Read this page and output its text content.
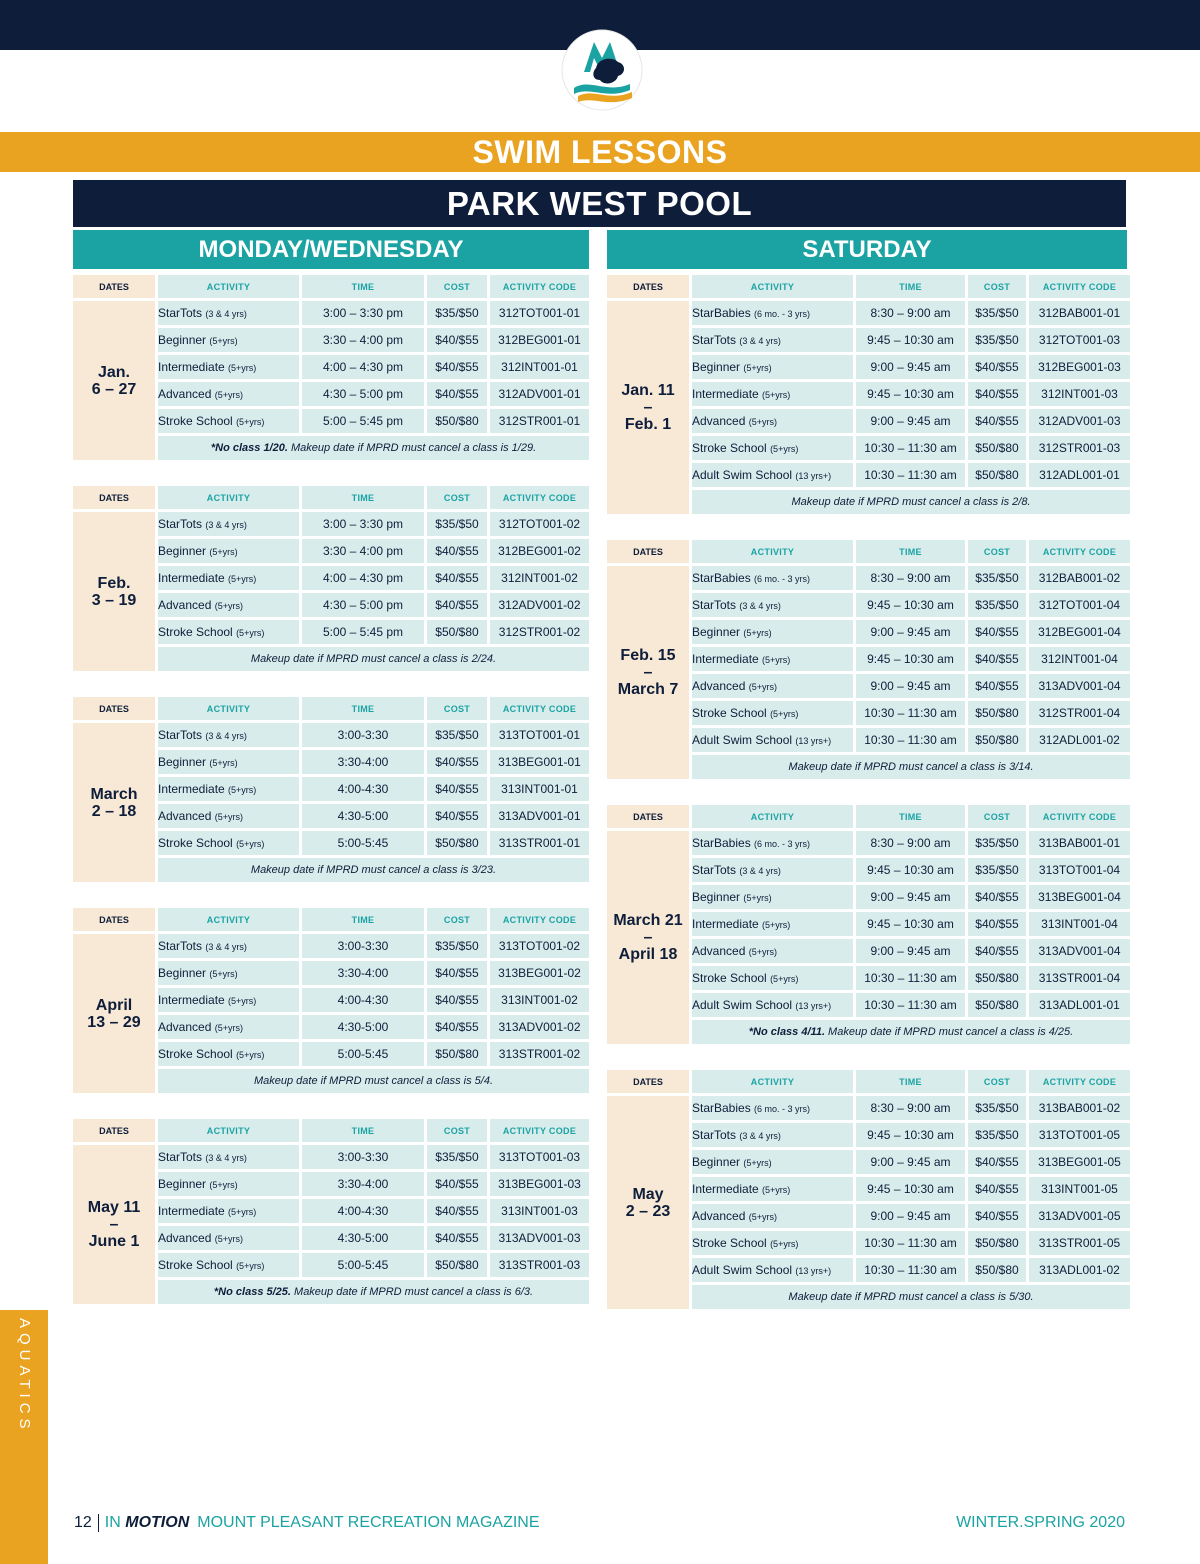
SWIM LESSONS
PARK WEST POOL
MONDAY/WEDNESDAY
DATES	ACTIVITY	TIME	COST	ACTIVITY CODE

Jan.
6 – 27	StarTots (3 & 4 yrs)	3:00 – 3:30 pm	$35/$50	312TOT001-01
	Beginner (5+yrs)	3:30 – 4:00 pm	$40/$55	312BEG001-01
	Intermediate (5+yrs)	4:00 – 4:30 pm	$40/$55	312INT001-01
	Advanced (5+yrs)	4:30 – 5:00 pm	$40/$55	312ADV001-01
	Stroke School (5+yrs)	5:00 – 5:45 pm	$50/$80	312STR001-01
	*No class 1/20. Makeup date if MPRD must cancel a class is 1/29.			
DATES	ACTIVITY	TIME	COST	ACTIVITY CODE

Feb.
3 – 19	StarTots (3 & 4 yrs)	3:00 – 3:30 pm	$35/$50	312TOT001-02
	Beginner (5+yrs)	3:30 – 4:00 pm	$40/$55	312BEG001-02
	Intermediate (5+yrs)	4:00 – 4:30 pm	$40/$55	312INT001-02
	Advanced (5+yrs)	4:30 – 5:00 pm	$40/$55	312ADV001-02
	Stroke School (5+yrs)	5:00 – 5:45 pm	$50/$80	312STR001-02
	Makeup date if MPRD must cancel a class is 2/24.			
DATES	ACTIVITY	TIME	COST	ACTIVITY CODE

March
2 – 18	StarTots (3 & 4 yrs)	3:00-3:30	$35/$50	313TOT001-01
	Beginner (5+yrs)	3:30-4:00	$40/$55	313BEG001-01
	Intermediate (5+yrs)	4:00-4:30	$40/$55	313INT001-01
	Advanced (5+yrs)	4:30-5:00	$40/$55	313ADV001-01
	Stroke School (5+yrs)	5:00-5:45	$50/$80	313STR001-01
	Makeup date if MPRD must cancel a class is 3/23.			
DATES	ACTIVITY	TIME	COST	ACTIVITY CODE

April
13 – 29	StarTots (3 & 4 yrs)	3:00-3:30	$35/$50	313TOT001-02
	Beginner (5+yrs)	3:30-4:00	$40/$55	313BEG001-02
	Intermediate (5+yrs)	4:00-4:30	$40/$55	313INT001-02
	Advanced (5+yrs)	4:30-5:00	$40/$55	313ADV001-02
	Stroke School (5+yrs)	5:00-5:45	$50/$80	313STR001-02
	Makeup date if MPRD must cancel a class is 5/4.			
DATES	ACTIVITY	TIME	COST	ACTIVITY CODE

May 11
–
June 1	StarTots (3 & 4 yrs)	3:00-3:30	$35/$50	313TOT001-03
	Beginner (5+yrs)	3:30-4:00	$40/$55	313BEG001-03
	Intermediate (5+yrs)	4:00-4:30	$40/$55	313INT001-03
	Advanced (5+yrs)	4:30-5:00	$40/$55	313ADV001-03
	Stroke School (5+yrs)	5:00-5:45	$50/$80	313STR001-03
	*No class 5/25. Makeup date if MPRD must cancel a class is 6/3.			
SATURDAY
DATES	ACTIVITY	TIME	COST	ACTIVITY CODE

Jan. 11
–
Feb. 1	StarBabies (6 mo. - 3 yrs)	8:30 – 9:00 am	$35/$50	312BAB001-01
	StarTots (3 & 4 yrs)	9:45 – 10:30 am	$35/$50	312TOT001-03
	Beginner (5+yrs)	9:00 – 9:45 am	$40/$55	312BEG001-03
	Intermediate (5+yrs)	9:45 – 10:30 am	$40/$55	312INT001-03
	Advanced (5+yrs)	9:00 – 9:45 am	$40/$55	312ADV001-03
	Stroke School (5+yrs)	10:30 – 11:30 am	$50/$80	312STR001-03
	Adult Swim School (13 yrs+)	10:30 – 11:30 am	$50/$80	312ADL001-01
	Makeup date if MPRD must cancel a class is 2/8.			
DATES	ACTIVITY	TIME	COST	ACTIVITY CODE

Feb. 15
–
March 7	StarBabies (6 mo. - 3 yrs)	8:30 – 9:00 am	$35/$50	312BAB001-02
	StarTots (3 & 4 yrs)	9:45 – 10:30 am	$35/$50	312TOT001-04
	Beginner (5+yrs)	9:00 – 9:45 am	$40/$55	312BEG001-04
	Intermediate (5+yrs)	9:45 – 10:30 am	$40/$55	312INT001-04
	Advanced (5+yrs)	9:00 – 9:45 am	$40/$55	313ADV001-04
	Stroke School (5+yrs)	10:30 – 11:30 am	$50/$80	312STR001-04
	Adult Swim School (13 yrs+)	10:30 – 11:30 am	$50/$80	312ADL001-02
	Makeup date if MPRD must cancel a class is 3/14.			
DATES	ACTIVITY	TIME	COST	ACTIVITY CODE

March 21
–
April 18	StarBabies (6 mo. - 3 yrs)	8:30 – 9:00 am	$35/$50	313BAB001-01
	StarTots (3 & 4 yrs)	9:45 – 10:30 am	$35/$50	313TOT001-04
	Beginner (5+yrs)	9:00 – 9:45 am	$40/$55	313BEG001-04
	Intermediate (5+yrs)	9:45 – 10:30 am	$40/$55	313INT001-04
	Advanced (5+yrs)	9:00 – 9:45 am	$40/$55	313ADV001-04
	Stroke School (5+yrs)	10:30 – 11:30 am	$50/$80	313STR001-04
	Adult Swim School (13 yrs+)	10:30 – 11:30 am	$50/$80	313ADL001-01
	*No class 4/11. Makeup date if MPRD must cancel a class is 4/25.			
DATES	ACTIVITY	TIME	COST	ACTIVITY CODE

May
2 – 23	StarBabies (6 mo. - 3 yrs)	8:30 – 9:00 am	$35/$50	313BAB001-02
	StarTots (3 & 4 yrs)	9:45 – 10:30 am	$35/$50	313TOT001-05
	Beginner (5+yrs)	9:00 – 9:45 am	$40/$55	313BEG001-05
	Intermediate (5+yrs)	9:45 – 10:30 am	$40/$55	313INT001-05
	Advanced (5+yrs)	9:00 – 9:45 am	$40/$55	313ADV001-05
	Stroke School (5+yrs)	10:30 – 11:30 am	$50/$80	313STR001-05
	Adult Swim School (13 yrs+)	10:30 – 11:30 am	$50/$80	313ADL001-02
	Makeup date if MPRD must cancel a class is 5/30.			
AQUATICS
12 IN MOTION MOUNT PLEASANT RECREATION MAGAZINE	WINTER.SPRING 2020
